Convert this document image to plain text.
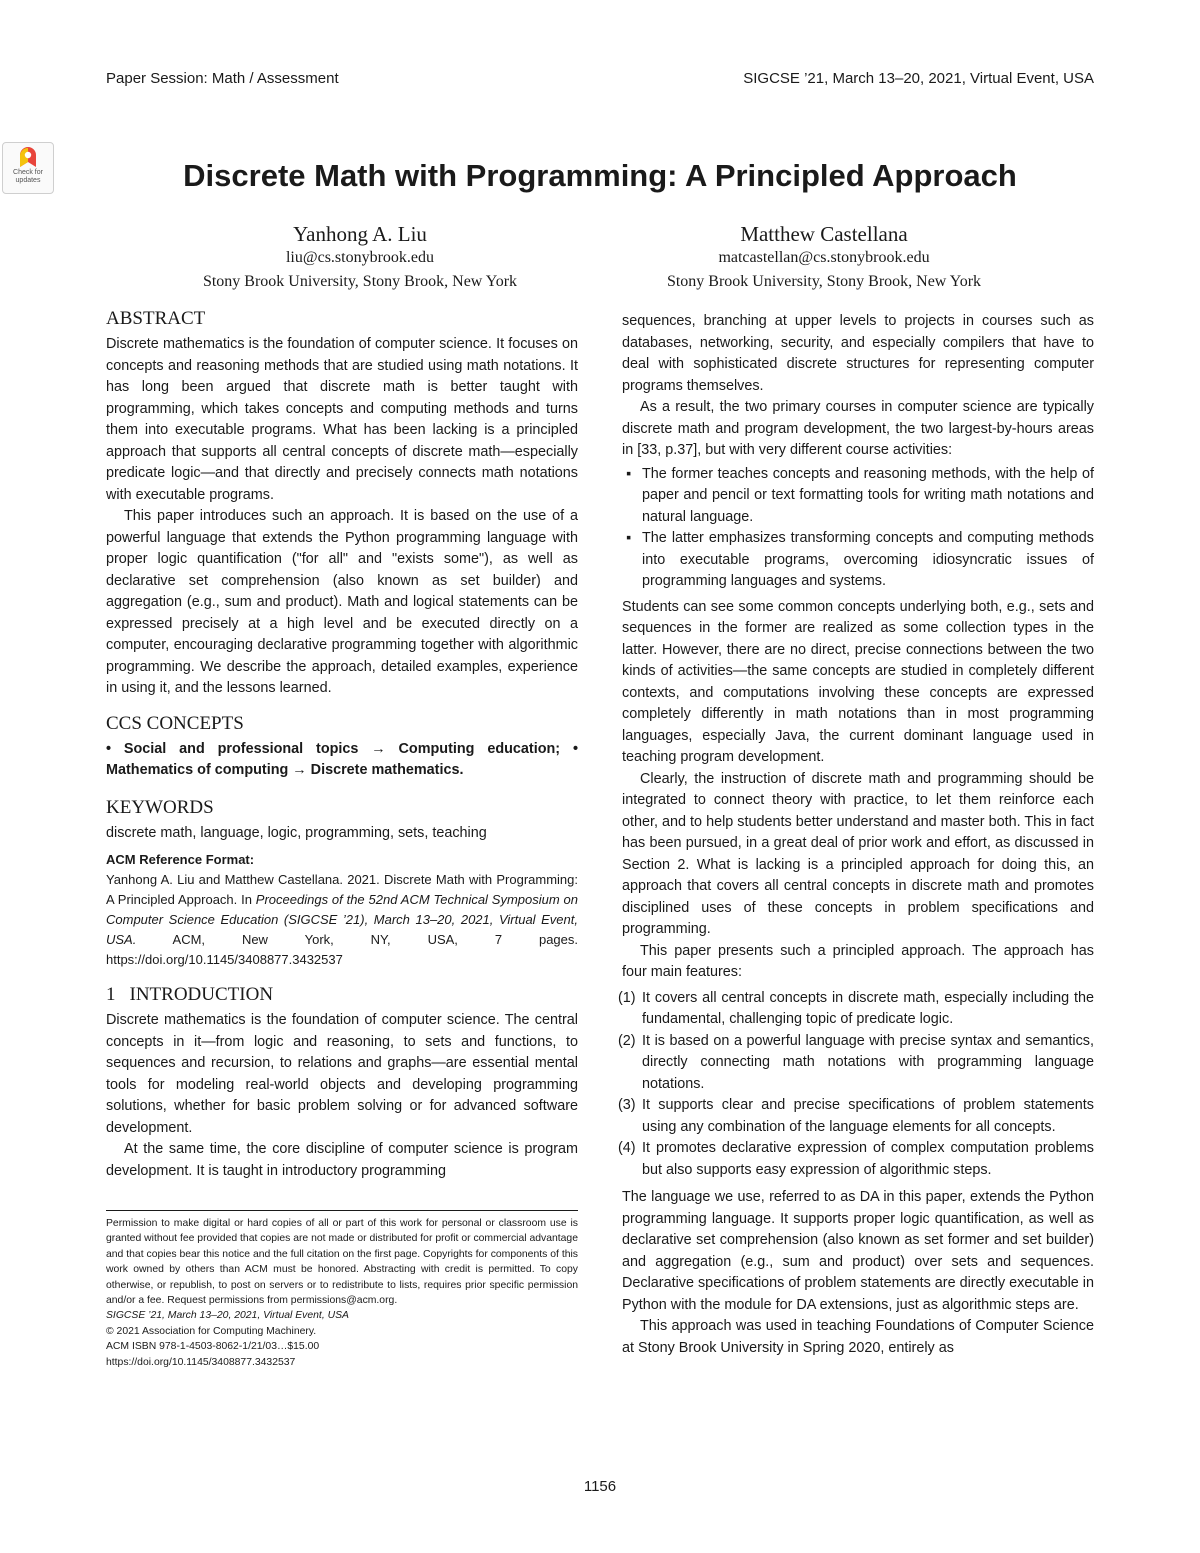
Paper Session: Math / Assessment	SIGCSE ’21, March 13–20, 2021, Virtual Event, USA
Check for
updates	Discrete Math with Programming: A Principled Approach
Yanhong A. Liu
liu@cs.stonybrook.edu
Stony Brook University, Stony Brook, New York
Matthew Castellana
matcastellan@cs.stonybrook.edu
Stony Brook University, Stony Brook, New York
ABSTRACT

Discrete mathematics is the foundation of computer science. It focuses on concepts and reasoning methods that are studied using math notations. It has long been argued that discrete math is better taught with programming, which takes concepts and computing methods and turns them into executable programs. What has been lacking is a principled approach that supports all central concepts of discrete math—especially predicate logic—and that directly and precisely connects math notations with executable programs.

This paper introduces such an approach. It is based on the use of a powerful language that extends the Python programming language with proper logic quantification ("for all" and "exists some"), as well as declarative set comprehension (also known as set builder) and aggregation (e.g., sum and product). Math and logical statements can be expressed precisely at a high level and be executed directly on a computer, encouraging declarative programming together with algorithmic programming. We describe the approach, detailed examples, experience in using it, and the lessons learned.

CCS CONCEPTS

• Social and professional topics → Computing education; • Mathematics of computing → Discrete mathematics.

KEYWORDS

discrete math, language, logic, programming, sets, teaching

ACM Reference Format:
Yanhong A. Liu and Matthew Castellana. 2021. Discrete Math with Programming: A Principled Approach. In Proceedings of the 52nd ACM Technical Symposium on Computer Science Education (SIGCSE ’21), March 13–20, 2021, Virtual Event, USA. ACM, New York, NY, USA, 7 pages. https://doi.org/10.1145/3408877.3432537
1 INTRODUCTION

Discrete mathematics is the foundation of computer science. The central concepts in it—from logic and reasoning, to sets and functions, to sequences and recursion, to relations and graphs—are essential mental tools for modeling real-world objects and developing programming solutions, whether for basic problem solving or for advanced software development.

At the same time, the core discipline of computer science is program development. It is taught in introductory programming

Permission to make digital or hard copies of all or part of this work for personal or classroom use is granted without fee provided that copies are not made or distributed for profit or commercial advantage and that copies bear this notice and the full citation on the first page. Copyrights for components of this work owned by others than ACM must be honored. Abstracting with credit is permitted. To copy otherwise, or republish, to post on servers or to redistribute to lists, requires prior specific permission and/or a fee. Request permissions from permissions@acm.org.
SIGCSE ’21, March 13–20, 2021, Virtual Event, USA
© 2021 Association for Computing Machinery.
ACM ISBN 978-1-4503-8062-1/21/03…$15.00
https://doi.org/10.1145/3408877.3432537

sequences, branching at upper levels to projects in courses such as databases, networking, security, and especially compilers that have to deal with sophisticated discrete structures for representing computer programs themselves.

As a result, the two primary courses in computer science are typically discrete math and program development, the two largest-by-hours areas in [33, p.37], but with very different course activities:

▪ The former teaches concepts and reasoning methods, with the help of paper and pencil or text formatting tools for writing math notations and natural language.
▪ The latter emphasizes transforming concepts and computing methods into executable programs, overcoming idiosyncratic issues of programming languages and systems.

Students can see some common concepts underlying both, e.g., sets and sequences in the former are realized as some collection types in the latter. However, there are no direct, precise connections between the two kinds of activities—the same concepts are studied in completely different contexts, and computations involving these concepts are expressed completely differently in math notations than in most programming languages, especially Java, the current dominant language used in teaching program development.

Clearly, the instruction of discrete math and programming should be integrated to connect theory with practice, to let them reinforce each other, and to help students better understand and master both. This in fact has been pursued, in a great deal of prior work and effort, as discussed in Section 2. What is lacking is a principled approach for doing this, an approach that covers all central concepts in discrete math and promotes disciplined uses of these concepts in problem specifications and programming.

This paper presents such a principled approach. The approach has four main features:

(1) It covers all central concepts in discrete math, especially including the fundamental, challenging topic of predicate logic.
(2) It is based on a powerful language with precise syntax and semantics, directly connecting math notations with programming language notations.
(3) It supports clear and precise specifications of problem statements using any combination of the language elements for all concepts.
(4) It promotes declarative expression of complex computation problems but also supports easy expression of algorithmic steps.

The language we use, referred to as DA in this paper, extends the Python programming language. It supports proper logic quantification, as well as declarative set comprehension (also known as set former and set builder) and aggregation (e.g., sum and product) over sets and sequences. Declarative specifications of problem statements are directly executable in Python with the module for DA extensions, just as algorithmic steps are.

This approach was used in teaching Foundations of Computer Science at Stony Brook University in Spring 2020, entirely as

1156
